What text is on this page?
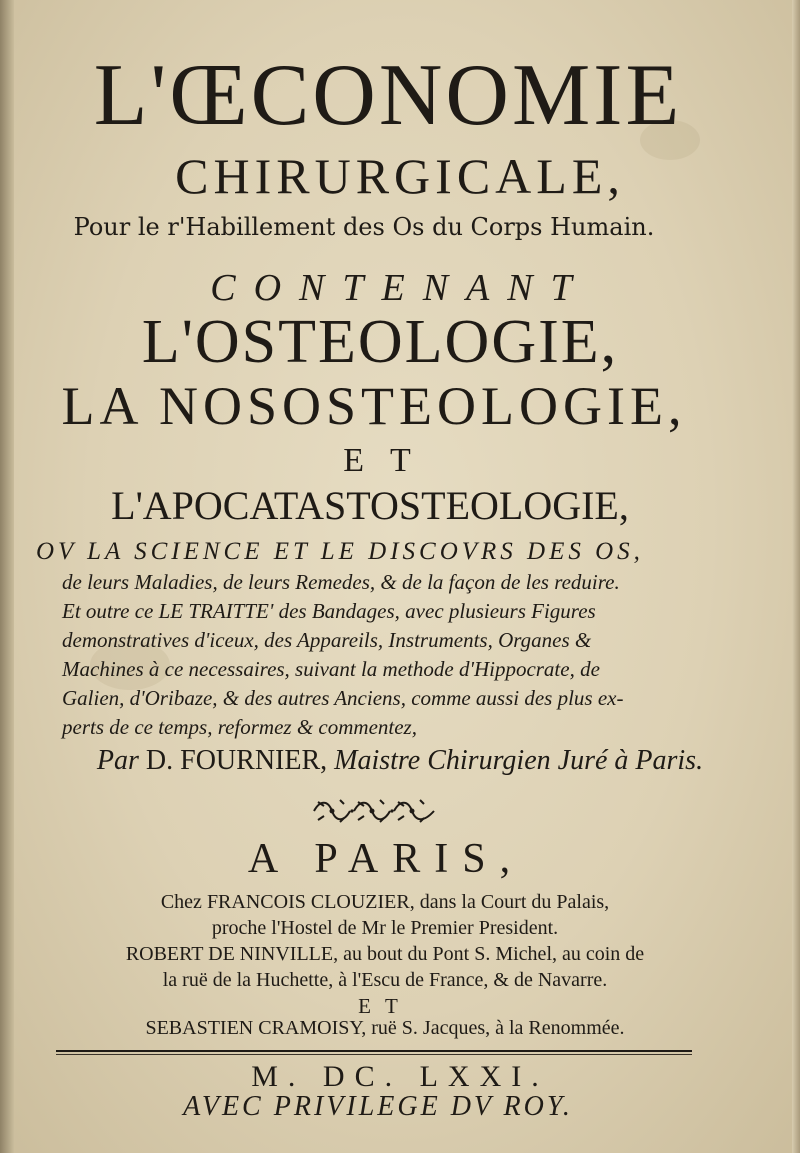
L'ŒCONOMIE
CHIRURGICALE,
Pour le r'Habillement des Os du Corps Humain.
CONTENANT
L'OSTEOLOGIE,
LA NOSOSTEOLOGIE,
ET
L'APOCATASTOSTEOLOGIE,
OV LA SCIENCE ET LE DISCOVRS DES OS,
de leurs Maladies, de leurs Remedes, & de la façon de les reduire.
Et outre ce LE TRAITTE' des Bandages, avec plusieurs Figures
demonstratives d'iceux, des Appareils, Instruments, Organes &
Machines à ce necessaires, suivant la methode d'Hippocrate, de
Galien, d'Oribaze, & des autres Anciens, comme aussi des plus ex-
perts de ce temps, reformez & commentez,
Par D. FOURNIER, Maistre Chirurgien Juré à Paris.
A PARIS,
Chez FRANCOIS CLOUZIER, dans la Court du Palais,
proche l'Hostel de Mr le Premier President.
ROBERT DE NINVILLE, au bout du Pont S. Michel, au coin de
la ruë de la Huchette, à l'Escu de France, & de Navarre.
ET
SEBASTIEN CRAMOISY, ruë S. Jacques, à la Renommée.
M. DC. LXXI.
AVEC PRIVILEGE DV ROY.
